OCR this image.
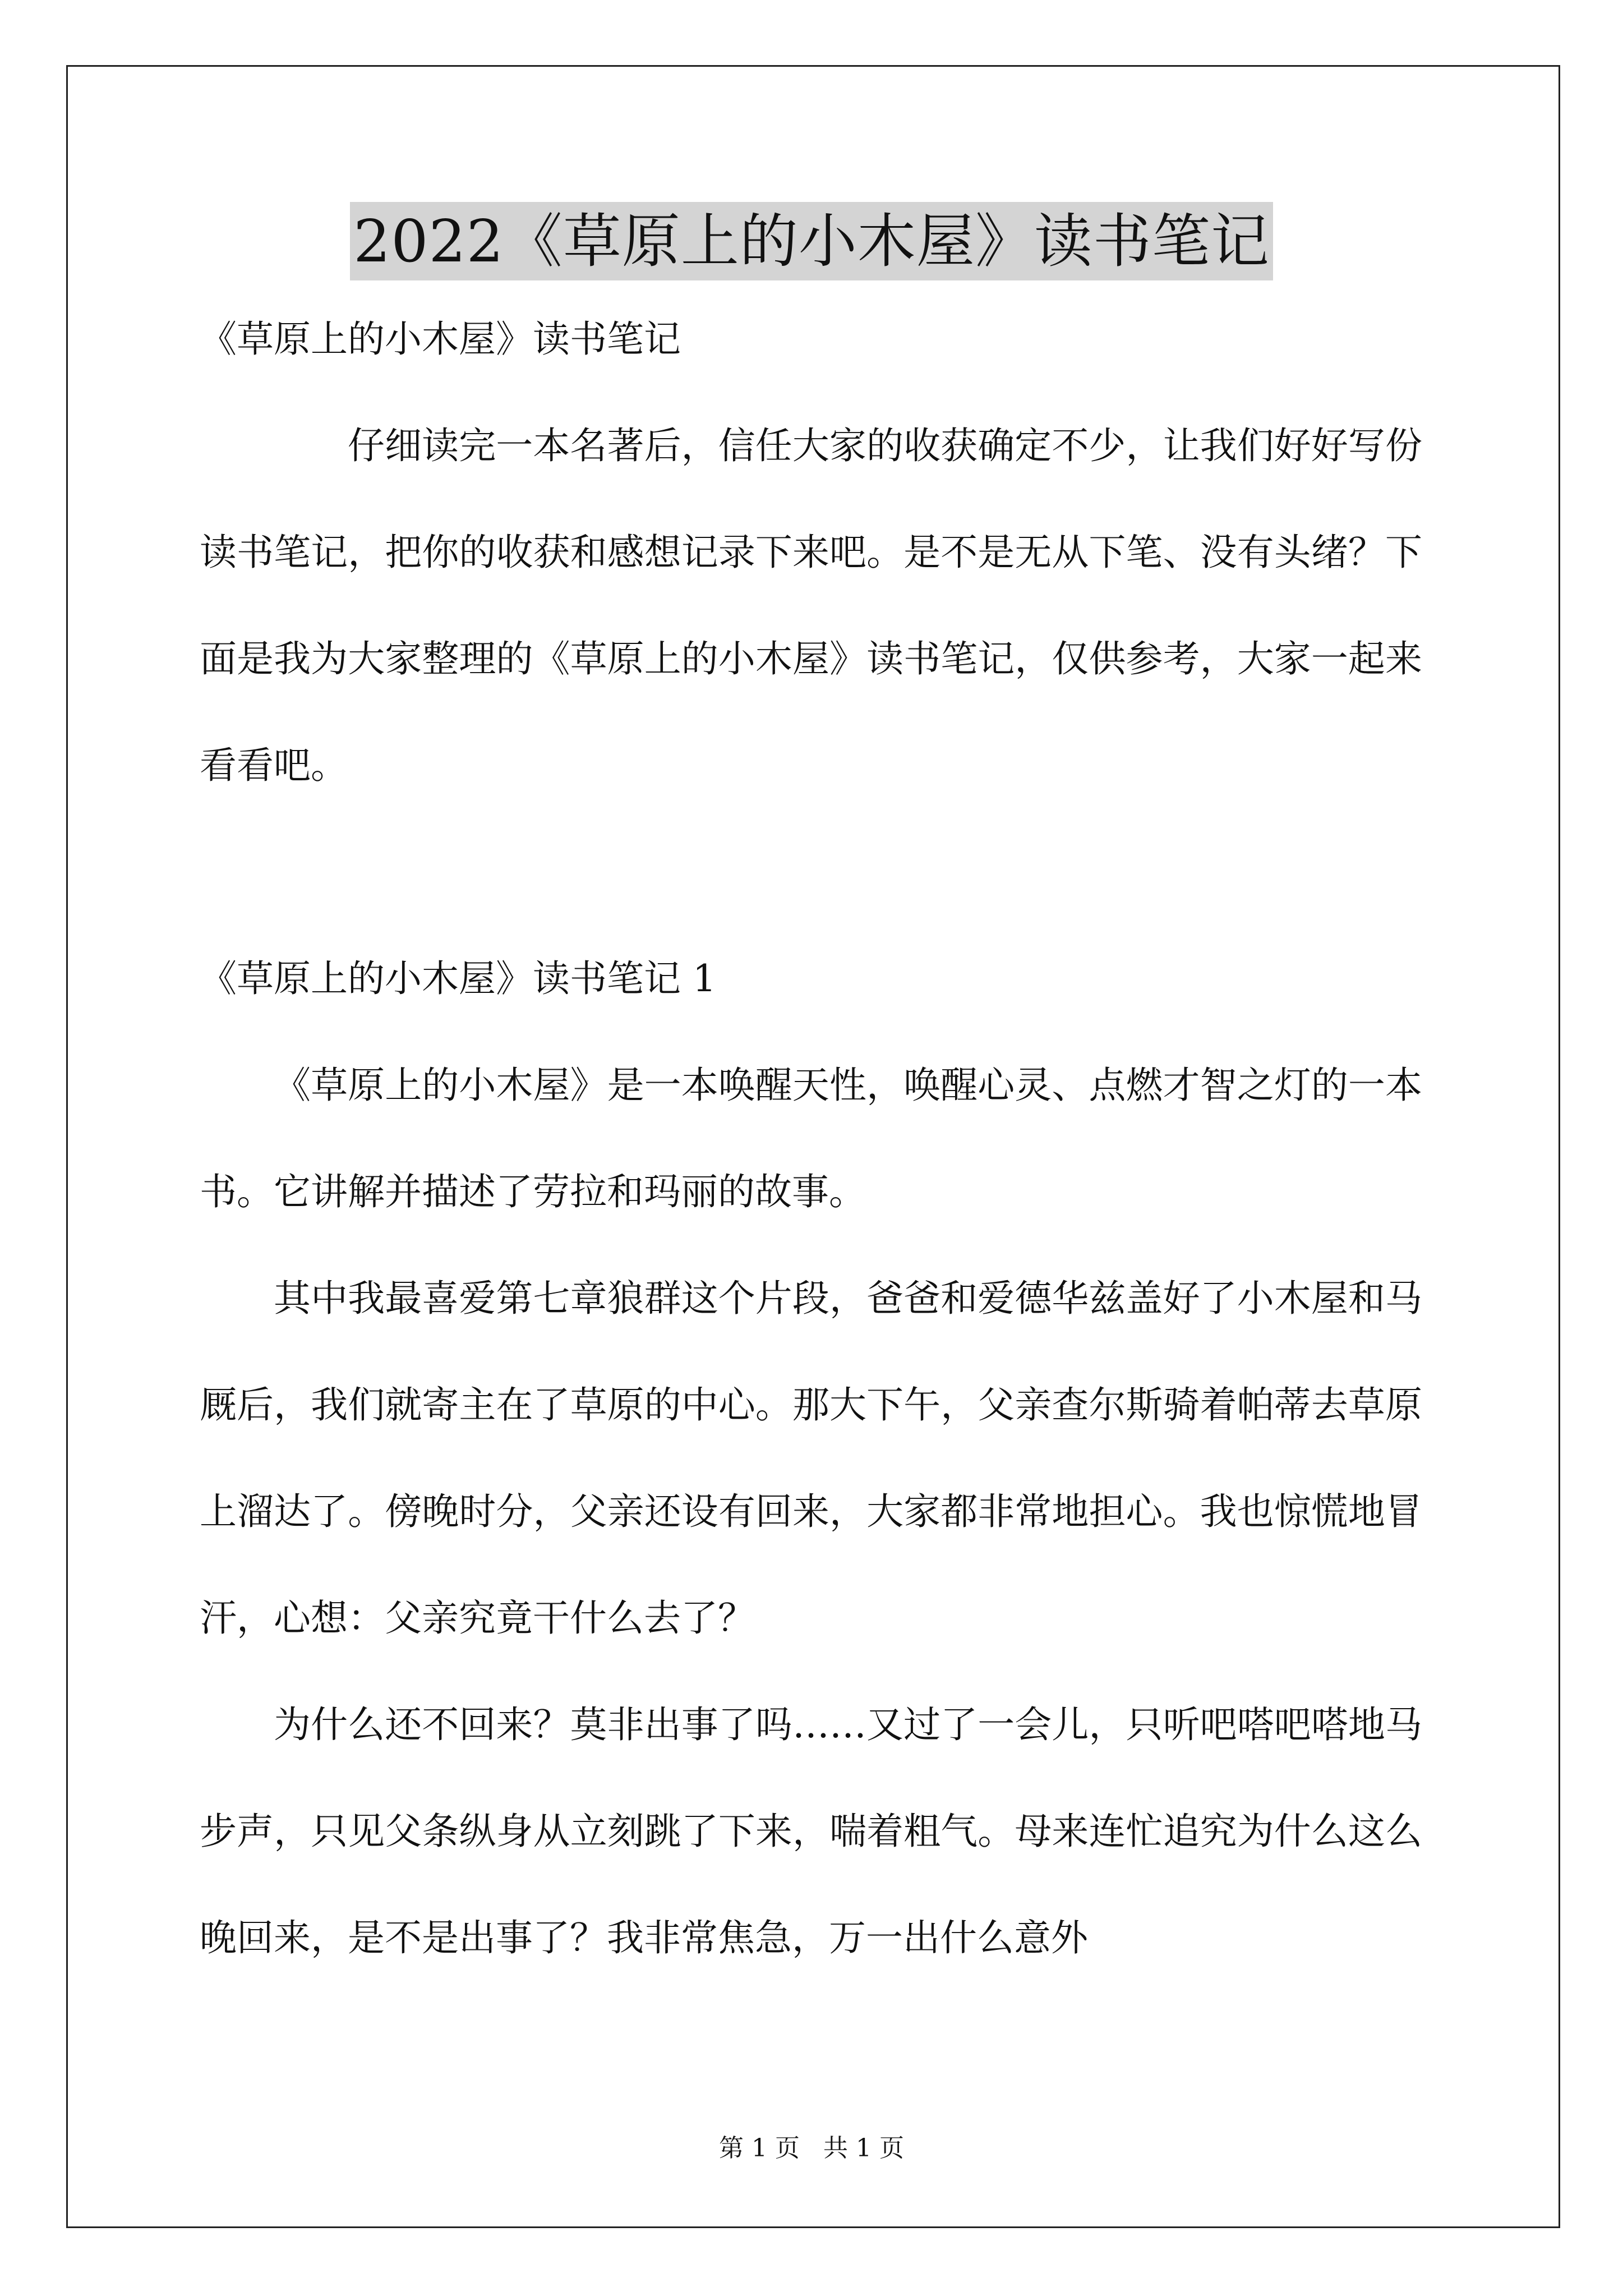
2022《草原上的小木屋》读书笔记

《草原上的小木屋》读书笔记

仔细读完一本名著后，信任大家的收获确定不少，让我们好好写份读书笔记，把你的收获和感想记录下来吧。是不是无从下笔、没有头绪？下面是我为大家整理的《草原上的小木屋》读书笔记，仅供参考，大家一起来看看吧。

《草原上的小木屋》读书笔记 1

《草原上的小木屋》是一本唤醒天性，唤醒心灵、点燃才智之灯的一本书。它讲解并描述了劳拉和玛丽的故事。

其中我最喜爱第七章狼群这个片段，爸爸和爱德华兹盖好了小木屋和马厩后，我们就寄主在了草原的中心。那大下午，父亲查尔斯骑着帕蒂去草原上溜达了。傍晚时分，父亲还设有回来，大家都非常地担心。我也惊慌地冒汗，心想：父亲究竟干什么去了？

为什么还不回来？莫非出事了吗……又过了一会儿，只听吧嗒吧嗒地马步声，只见父条纵身从立刻跳了下来，喘着粗气。母来连忙追究为什么这么晚回来，是不是出事了？我非常焦急，万一出什么意外

第 1 页 共 1 页
